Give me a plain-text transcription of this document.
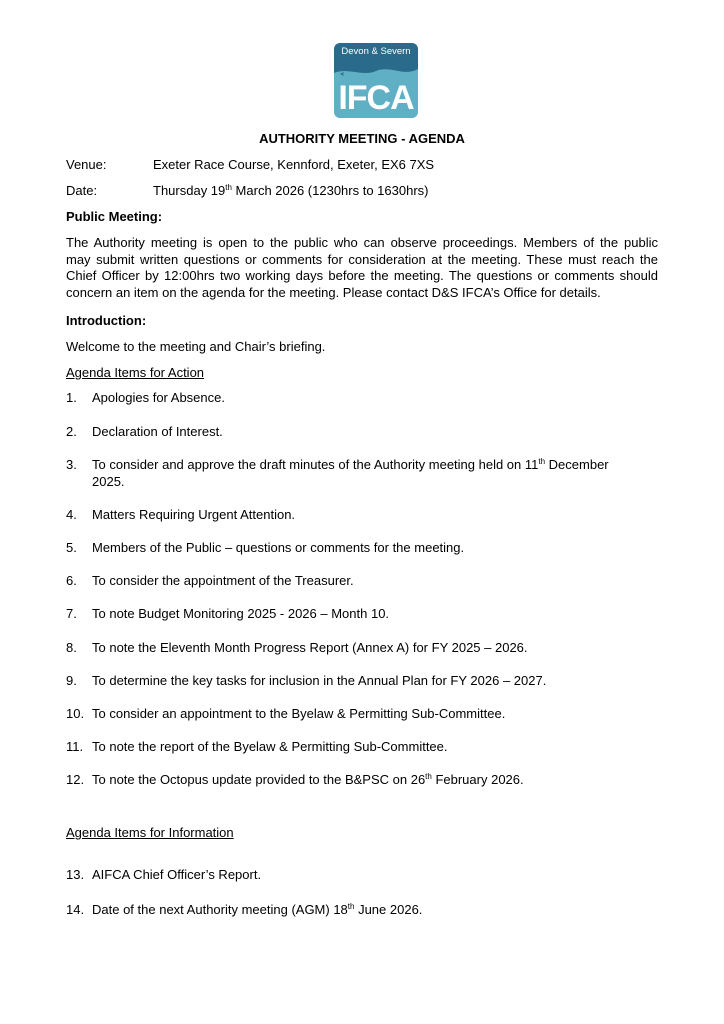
Devon & Severn
IFCA
AUTHORITY MEETING - AGENDA
Venue:	Exeter Race Course, Kennford, Exeter, EX6 7XS
Date:	Thursday 19th March 2026 (1230hrs to 1630hrs)
Public Meeting:
The Authority meeting is open to the public who can observe proceedings. Members of the public
may submit written questions or comments for consideration at the meeting. These must reach the
Chief Officer by 12:00hrs two working days before the meeting. The questions or comments should
concern an item on the agenda for the meeting. Please contact D&S IFCA’s Office for details.
Introduction:
Welcome to the meeting and Chair’s briefing.
Agenda Items for Action
1. Apologies for Absence.
2. Declaration of Interest.
3. To consider and approve the draft minutes of the Authority meeting held on 11th December
2025.
4. Matters Requiring Urgent Attention.
5. Members of the Public – questions or comments for the meeting.
6. To consider the appointment of the Treasurer.
7. To note Budget Monitoring 2025 - 2026 – Month 10.
8. To note the Eleventh Month Progress Report (Annex A) for FY 2025 – 2026.
9. To determine the key tasks for inclusion in the Annual Plan for FY 2026 – 2027.
10. To consider an appointment to the Byelaw & Permitting Sub-Committee.
11. To note the report of the Byelaw & Permitting Sub-Committee.
12. To note the Octopus update provided to the B&PSC on 26th February 2026.
Agenda Items for Information
13. AIFCA Chief Officer’s Report.
14. Date of the next Authority meeting (AGM) 18th June 2026.
